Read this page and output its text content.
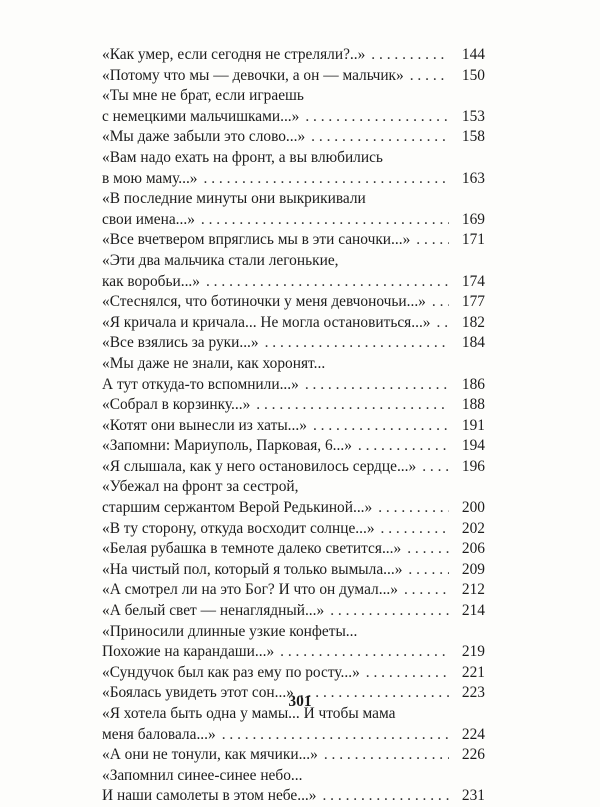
«Как умер, если сегодня не стреляли?..» . . .	144
«Потому что мы — девочки, а он — мальчик» . . .	150
«Ты мне не брат, если играешь
с немецкими мальчишками...» . . .	153
«Мы даже забыли это слово...» . . .	158
«Вам надо ехать на фронт, а вы влюбились
в мою маму...» . . .	163
«В последние минуты они выкрикивали
свои имена...» . . .	169
«Все вчетвером впряглись мы в эти саночки...» . . .	171
«Эти два мальчика стали легонькие,
как воробьи...» . . .	174
«Стеснялся, что ботиночки у меня девчоночьи...» . . .	177
«Я кричала и кричала... Не могла остановиться...» . . .	182
«Все взялись за руки...» . . .	184
«Мы даже не знали, как хоронят...
А тут откуда-то вспомнили...» . . .	186
«Собрал в корзинку...» . . .	188
«Котят они вынесли из хаты...» . . .	191
«Запомни: Мариуполь, Парковая, 6...» . . .	194
«Я слышала, как у него остановилось сердце...» . . .	196
«Убежал на фронт за сестрой,
старшим сержантом Верой Редькиной...» . . .	200
«В ту сторону, откуда восходит солнце...» . . .	202
«Белая рубашка в темноте далеко светится...» . . .	206
«На чистый пол, который я только вымыла...» . . .	209
«А смотрел ли на это Бог? И что он думал...» . . .	212
«А белый свет — ненаглядный...» . . .	214
«Приносили длинные узкие конфеты...
Похожие на карандаши...» . . .	219
«Сундучок был как раз ему по росту...» . . .	221
«Боялась увидеть этот сон...» . . .	223
«Я хотела быть одна у мамы... И чтобы мама
меня баловала...» . . .	224
«А они не тонули, как мячики...» . . .	226
«Запомнил синее-синее небо...
И наши самолеты в этом небе...» . . .	231
301
